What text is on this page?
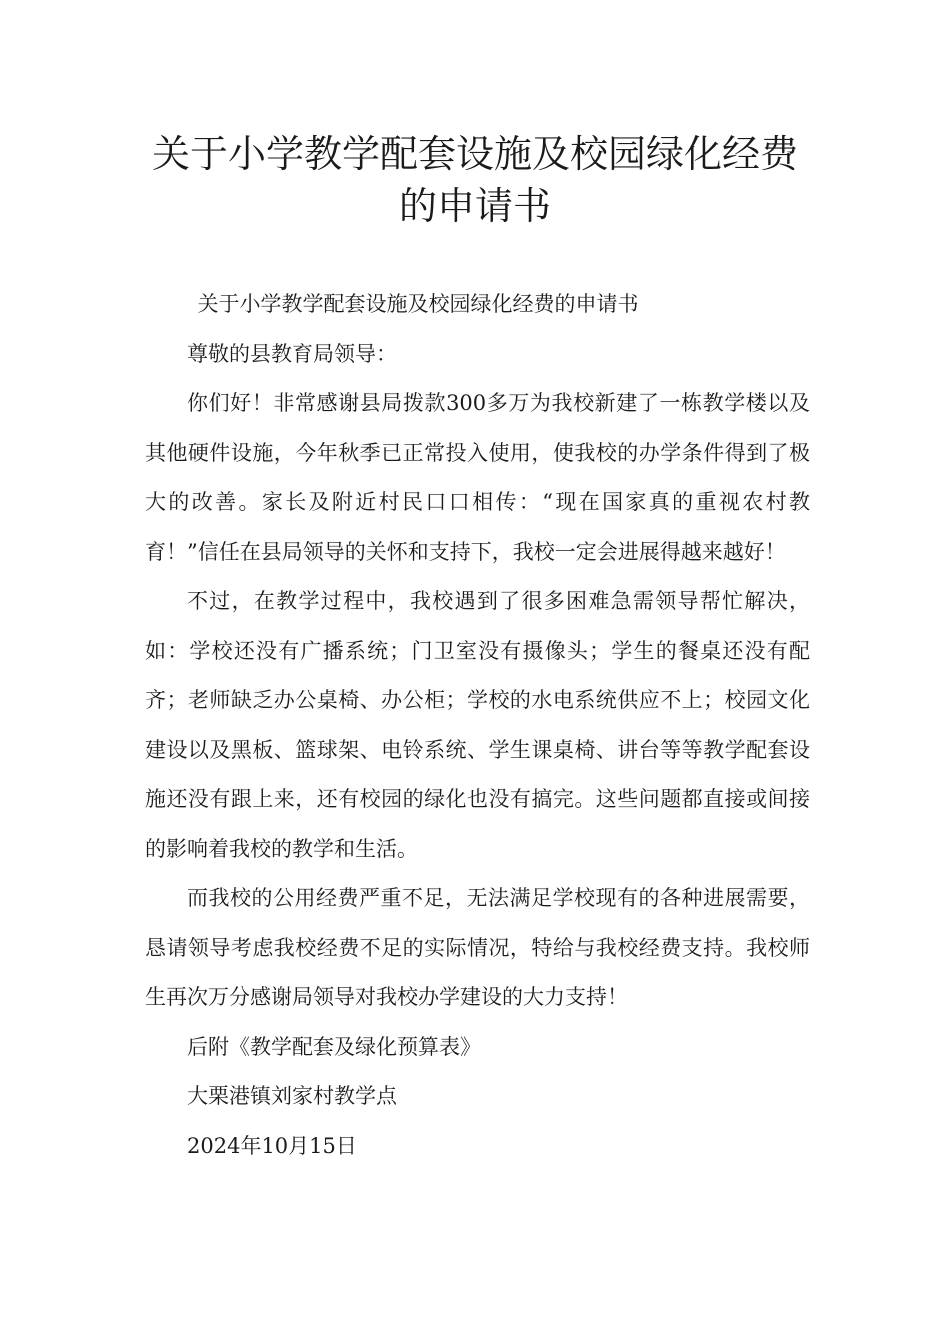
关于小学教学配套设施及校园绿化经费
的申请书

关于小学教学配套设施及校园绿化经费的申请书

尊敬的县教育局领导：

你们好！非常感谢县局拨款300多万为我校新建了一栋教学楼以及其他硬件设施，今年秋季已正常投入使用，使我校的办学条件得到了极大的改善。家长及附近村民口口相传：“现在国家真的重视农村教育！”信任在县局领导的关怀和支持下，我校一定会进展得越来越好！

不过，在教学过程中，我校遇到了很多困难急需领导帮忙解决，如：学校还没有广播系统；门卫室没有摄像头；学生的餐桌还没有配齐；老师缺乏办公桌椅、办公柜；学校的水电系统供应不上；校园文化建设以及黑板、篮球架、电铃系统、学生课桌椅、讲台等等教学配套设施还没有跟上来，还有校园的绿化也没有搞完。这些问题都直接或间接的影响着我校的教学和生活。

而我校的公用经费严重不足，无法满足学校现有的各种进展需要，恳请领导考虑我校经费不足的实际情况，特给与我校经费支持。我校师生再次万分感谢局领导对我校办学建设的大力支持！

后附《教学配套及绿化预算表》

大栗港镇刘家村教学点

2024年10月15日
